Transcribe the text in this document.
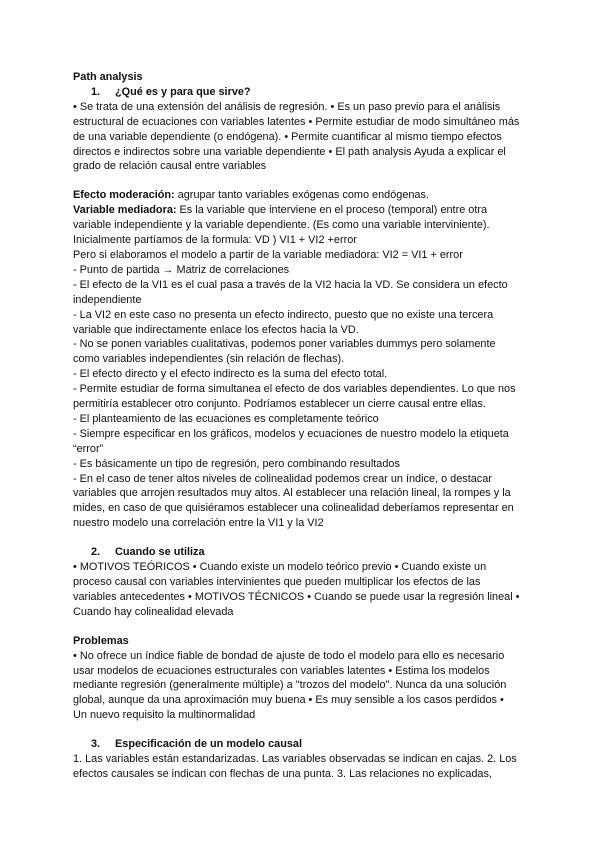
Path analysis
1. ¿Qué es y para que sirve?
• Se trata de una extensión del análisis de regresión. • Es un paso previo para el análisis
estructural de ecuaciones con variables latentes • Permite estudiar de modo simultáneo más
de una variable dependiente (o endógena). • Permite cuantificar al mismo tiempo efectos
directos e indirectos sobre una variable dependiente • El path analysis Ayuda a explicar el
grado de relación causal entre variables
Efecto moderación: agrupar tanto variables exógenas como endógenas.
Variable mediadora: Es la variable que interviene en el proceso (temporal) entre otra
variable independiente y la variable dependiente. (Es como una variable interviniente).
Inicialmente partíamos de la formula: VD ) VI1 + VI2 +error
Pero si elaboramos el modelo a partir de la variable mediadora: VI2 = VI1 + error
- Punto de partida → Matriz de correlaciones
- El efecto de la VI1 es el cual pasa a través de la VI2 hacia la VD. Se considera un efecto
independiente
- La VI2 en este caso no presenta un efecto indirecto, puesto que no existe una tercera
variable que indirectamente enlace los efectos hacia la VD.
- No se ponen variables cualitativas, podemos poner variables dummys pero solamente
como variables independientes (sin relación de flechas).
- El efecto directo y el efecto indirecto es la suma del efecto total.
- Permite estudiar de forma simultanea el efecto de dos variables dependientes. Lo que nos
permitiría establecer otro conjunto. Podríamos establecer un cierre causal entre ellas.
- El planteamiento de las ecuaciones es completamente teórico
- Siempre especificar en los gráficos, modelos y ecuaciones de nuestro modelo la etiqueta
“error”
- Es básicamente un tipo de regresión, pero combinando resultados
- En el caso de tener altos niveles de colinealidad podemos crear un índice, o destacar
variables que arrojen resultados muy altos. Al establecer una relación lineal, la rompes y la
mides, en caso de que quisiéramos establecer una colinealidad deberíamos representar en
nuestro modelo una correlación entre la VI1 y la VI2
2. Cuando se utiliza
• MOTIVOS TEÓRICOS • Cuando existe un modelo teórico previo • Cuando existe un
proceso causal con variables intervinientes que pueden multiplicar los efectos de las
variables antecedentes • MOTIVOS TÉCNICOS • Cuando se puede usar la regresión lineal •
Cuando hay colinealidad elevada
Problemas
• No ofrece un índice fiable de bondad de ajuste de todo el modelo para ello es necesario
usar modelos de ecuaciones estructurales con variables latentes • Estima los modelos
mediante regresión (generalmente múltiple) a "trozos del modelo". Nunca da una solución
global, aunque da una aproximación muy buena • Es muy sensible a los casos perdidos •
Un nuevo requisito la multinormalidad
3. Especificación de un modelo causal
1. Las variables están estandarizadas. Las variables observadas se indican en cajas. 2. Los
efectos causales se indican con flechas de una punta. 3. Las relaciones no explicadas,
